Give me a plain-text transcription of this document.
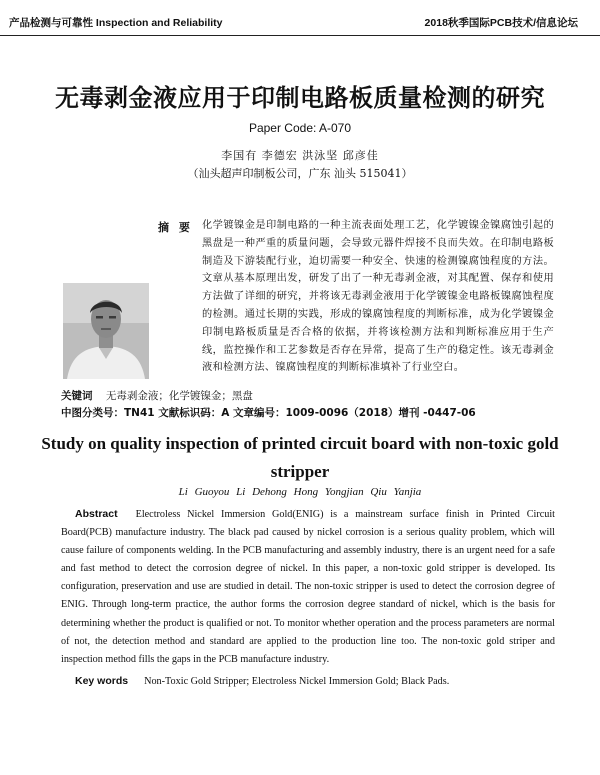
产品检测与可靠性 Inspection and Reliability	2018秋季国际PCB技术/信息论坛
无毒剥金液应用于印制电路板质量检测的研究
Paper Code: A-070
李国有 李德宏 洪泳坚 邱彦佳
（汕头超声印制板公司，广东 汕头 515041）
摘 要 化学镀镍金是印制电路的一种主流表面处理工艺，化学镀镍金镍腐蚀引起的黑盘是一种严重的质量问题，会导致元器件焊接不良而失效。在印制电路板制造及下游装配行业，迫切需要一种安全、快速的检测镍腐蚀程度的方法。文章从基本原理出发，研发了出了一种无毒剥金液，对其配置、保存和使用方法做了详细的研究，并将该无毒剥金液用于化学镀镍金电路板镍腐蚀程度的检测。通过长期的实践，形成的镍腐蚀程度的判断标准，成为化学镀镍金印制电路板质量是否合格的依据，并将该检测方法和判断标准应用于生产线，监控操作和工艺参数是否存在异常，提高了生产的稳定性。该无毒剥金液和检测方法、镍腐蚀程度的判断标准填补了行业空白。
关键词 无毒剥金液；化学镀镍金；黑盘
中图分类号：TN41 文献标识码：A 文章编号：1009-0096（2018）增刊 -0447-06
Study on quality inspection of printed circuit board with non-toxic gold stripper
Li Guoyou Li Dehong Hong Yongjian Qiu Yanjia
Abstract Electroless Nickel Immersion Gold(ENIG) is a mainstream surface finish in Printed Circuit Board(PCB) manufacture industry. The black pad caused by nickel corrosion is a serious quality problem, which will cause failure of components welding. In the PCB manufacturing and assembly industry, there is an urgent need for a safe and fast method to detect the corrosion degree of nickel. In this paper, a non-toxic gold stripper is developed. Its configuration, preservation and use are studied in detail. The non-toxic stripper is used to detect the corrosion degree of ENIG. Through long-term practice, the author forms the corrosion degree standard of nickel, which is the basis for determining whether the product is qualified or not. To monitor whether operation and the process parameters are normal of not, the detection method and standard are applied to the production line too. The non-toxic gold striper and inspection method fills the gaps in the PCB manufacture industry.
Key words Non-Toxic Gold Stripper; Electroless Nickel Immersion Gold; Black Pads.
